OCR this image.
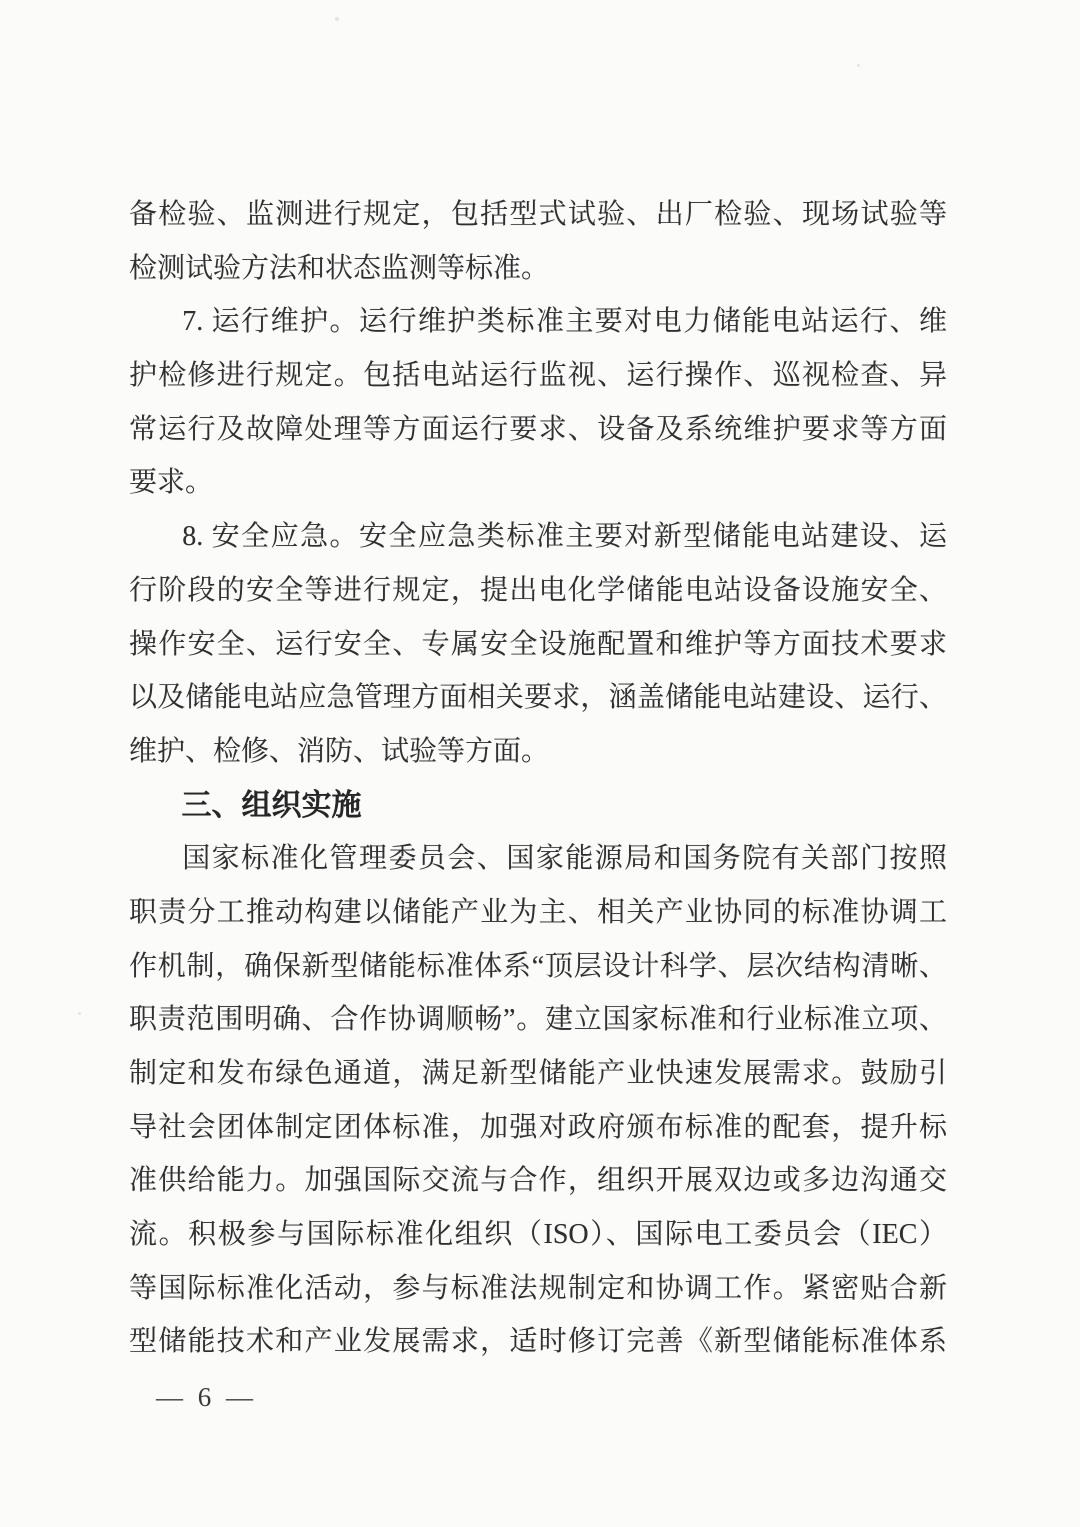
备检验、监测进行规定，包括型式试验、出厂检验、现场试验等
检测试验方法和状态监测等标准。
7. 运行维护。运行维护类标准主要对电力储能电站运行、维
护检修进行规定。包括电站运行监视、运行操作、巡视检查、异
常运行及故障处理等方面运行要求、设备及系统维护要求等方面
要求。
8. 安全应急。安全应急类标准主要对新型储能电站建设、运
行阶段的安全等进行规定，提出电化学储能电站设备设施安全、
操作安全、运行安全、专属安全设施配置和维护等方面技术要求
以及储能电站应急管理方面相关要求，涵盖储能电站建设、运行、
维护、检修、消防、试验等方面。
三、组织实施
国家标准化管理委员会、国家能源局和国务院有关部门按照
职责分工推动构建以储能产业为主、相关产业协同的标准协调工
作机制，确保新型储能标准体系“顶层设计科学、层次结构清晰、
职责范围明确、合作协调顺畅”。建立国家标准和行业标准立项、
制定和发布绿色通道，满足新型储能产业快速发展需求。鼓励引
导社会团体制定团体标准，加强对政府颁布标准的配套，提升标
准供给能力。加强国际交流与合作，组织开展双边或多边沟通交
流。积极参与国际标准化组织（ISO）、国际电工委员会（IEC）
等国际标准化活动，参与标准法规制定和协调工作。紧密贴合新
型储能技术和产业发展需求，适时修订完善《新型储能标准体系
— 6 —
